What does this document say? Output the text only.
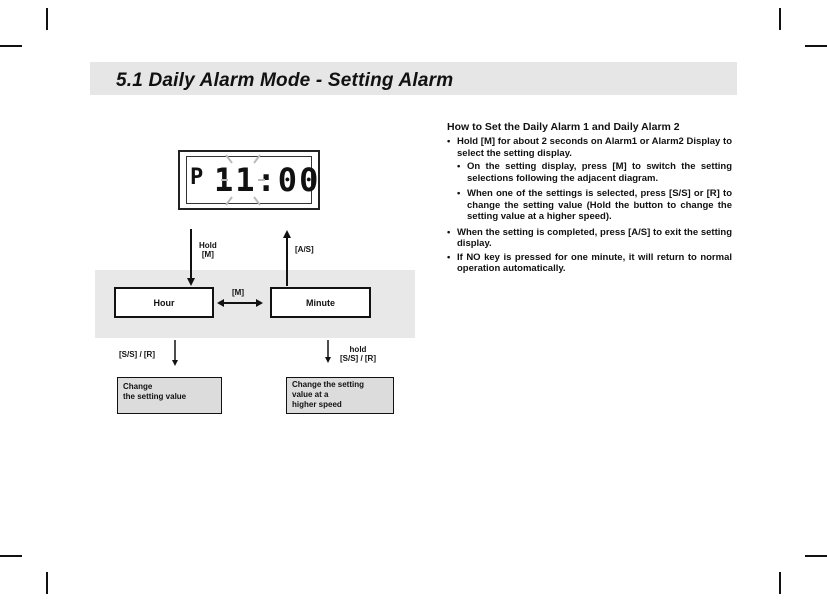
5.1 Daily Alarm Mode - Setting Alarm
P 11:00
Hold
[M]
[A/S]
[M]
Hour	Minute
[S/S] / [R]
hold
[S/S] / [R]
Change
the setting value
Change the setting
value at a
higher speed
How to Set the Daily Alarm 1 and Daily Alarm 2
• Hold [M] for about 2 seconds on Alarm1 or Alarm2 Display to select the setting display.
• On the setting display, press [M] to switch the setting selections following the adjacent diagram.
• When one of the settings is selected, press [S/S] or [R] to change the setting value (Hold the button to change the setting value at a higher speed).
• When the setting is completed, press [A/S] to exit the setting display.
• If NO key is pressed for one minute, it will return to normal operation automatically.
